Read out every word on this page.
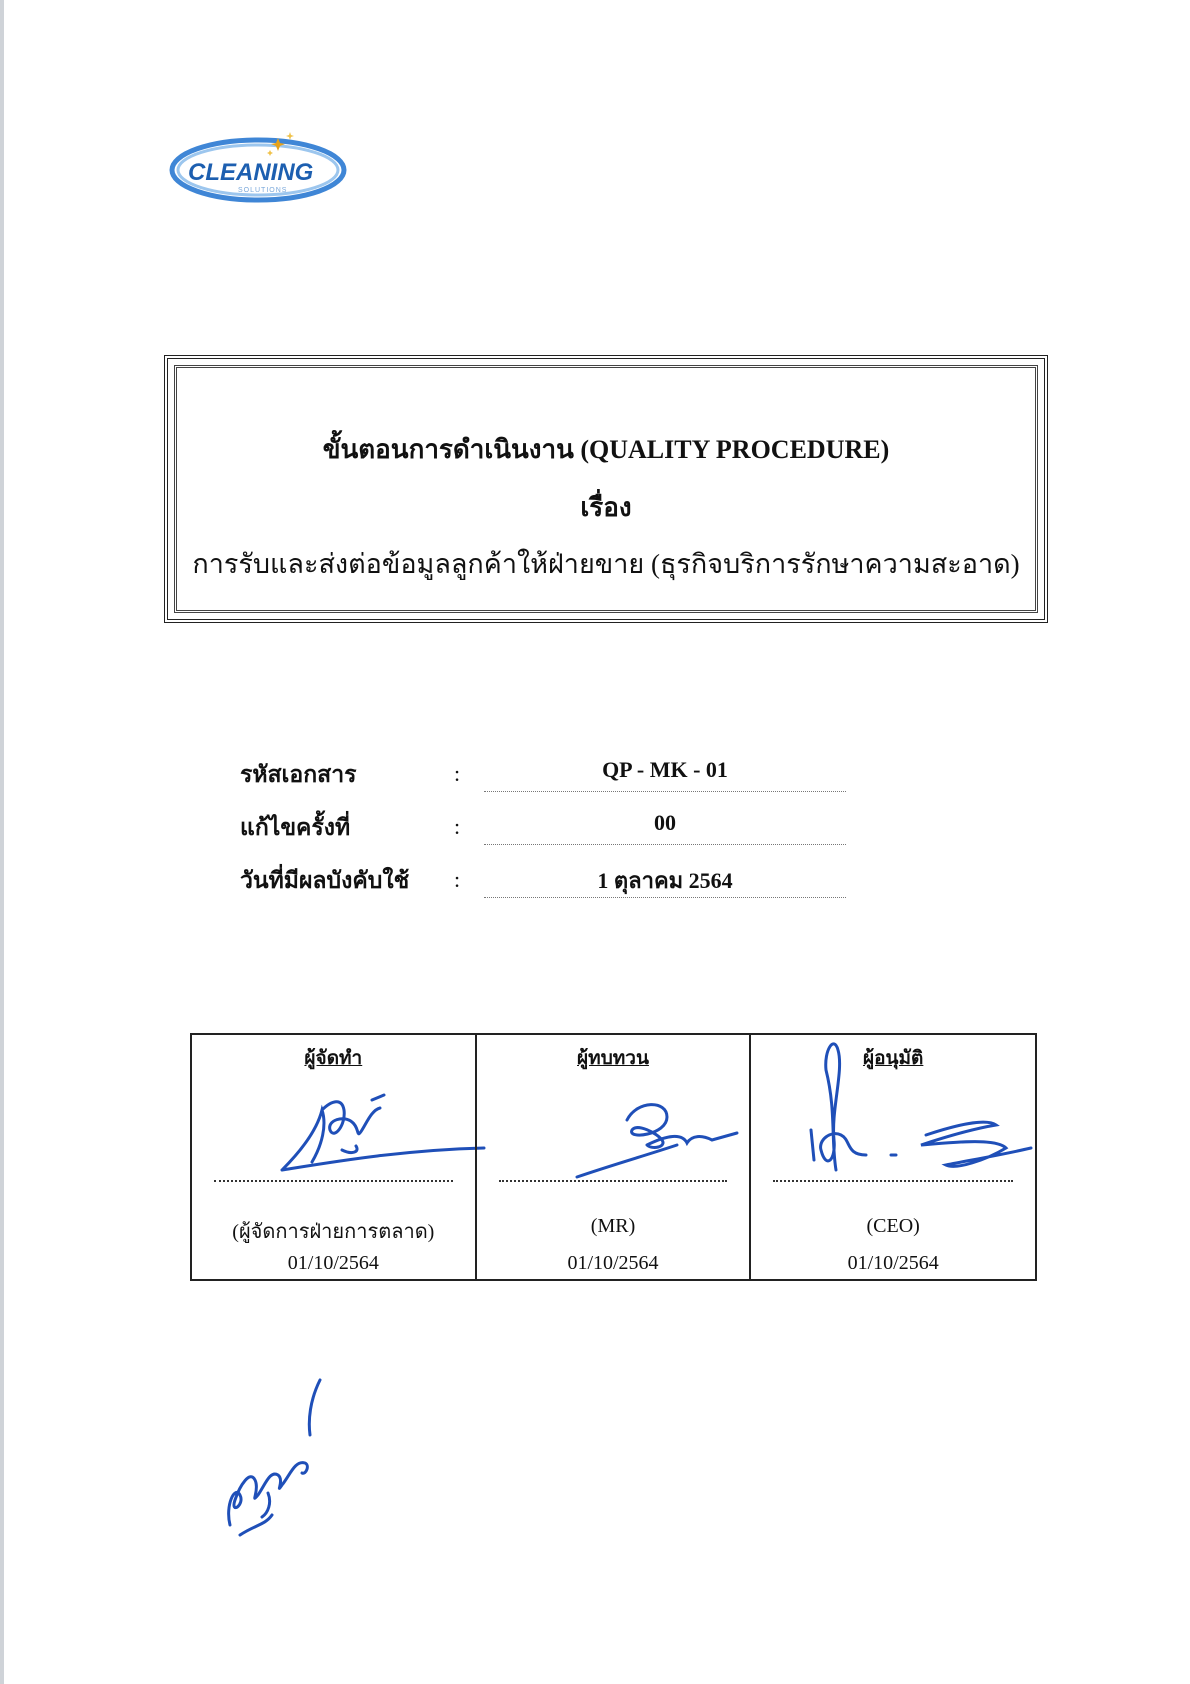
CLEANING
SOLUTIONS
ขั้นตอนการดำเนินงาน (QUALITY PROCEDURE)
เรื่อง
การรับและส่งต่อข้อมูลลูกค้าให้ฝ่ายขาย (ธุรกิจบริการรักษาความสะอาด)
รหัสเอกสาร	:	QP - MK - 01
แก้ไขครั้งที่	:	00
วันที่มีผลบังคับใช้ :	1 ตุลาคม 2564
ผู้จัดทำ
(ผู้จัดการฝ่ายการตลาด)
01/10/2564
ผู้ทบทวน
(MR)
01/10/2564
ผู้อนุมัติ
(CEO)
01/10/2564
